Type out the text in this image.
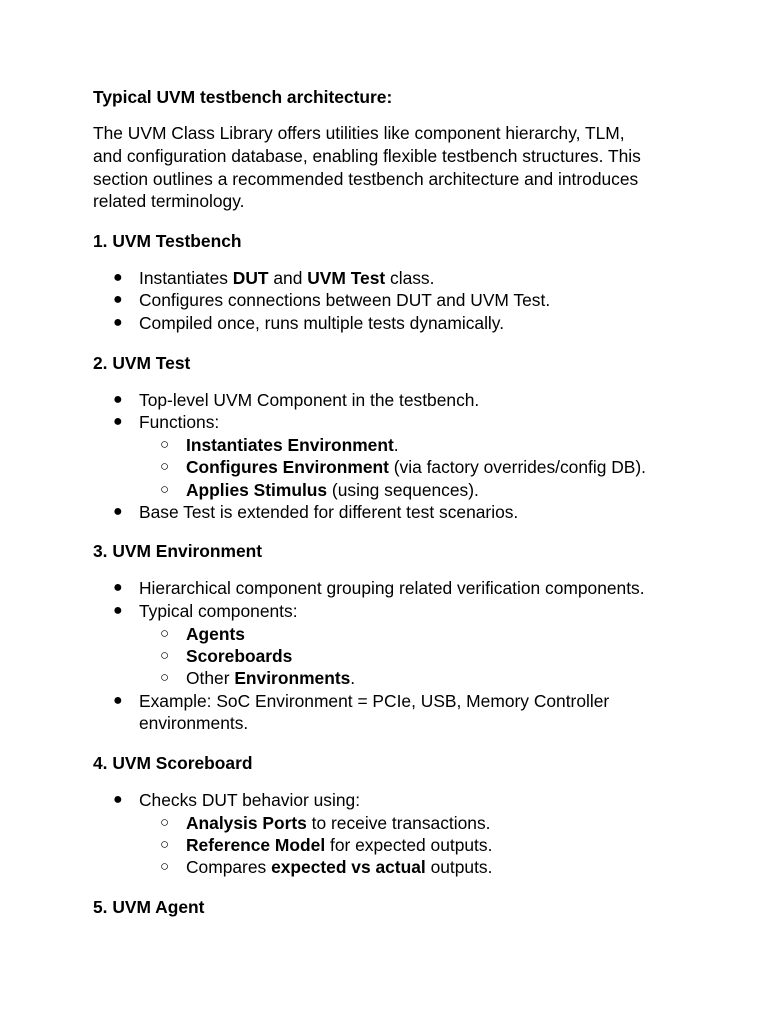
Typical UVM testbench architecture:
The UVM Class Library offers utilities like component hierarchy, TLM,
and configuration database, enabling flexible testbench structures. This
section outlines a recommended testbench architecture and introduces
related terminology.
1. UVM Testbench
● Instantiates DUT and UVM Test class.
● Configures connections between DUT and UVM Test.
● Compiled once, runs multiple tests dynamically.
2. UVM Test
● Top-level UVM Component in the testbench.
● Functions:
○ Instantiates Environment.
○ Configures Environment (via factory overrides/config DB).
○ Applies Stimulus (using sequences).
● Base Test is extended for different test scenarios.
3. UVM Environment
● Hierarchical component grouping related verification components.
● Typical components:
○ Agents
○ Scoreboards
○ Other Environments.
● Example: SoC Environment = PCIe, USB, Memory Controller
environments.
4. UVM Scoreboard
● Checks DUT behavior using:
○ Analysis Ports to receive transactions.
○ Reference Model for expected outputs.
○ Compares expected vs actual outputs.
5. UVM Agent
